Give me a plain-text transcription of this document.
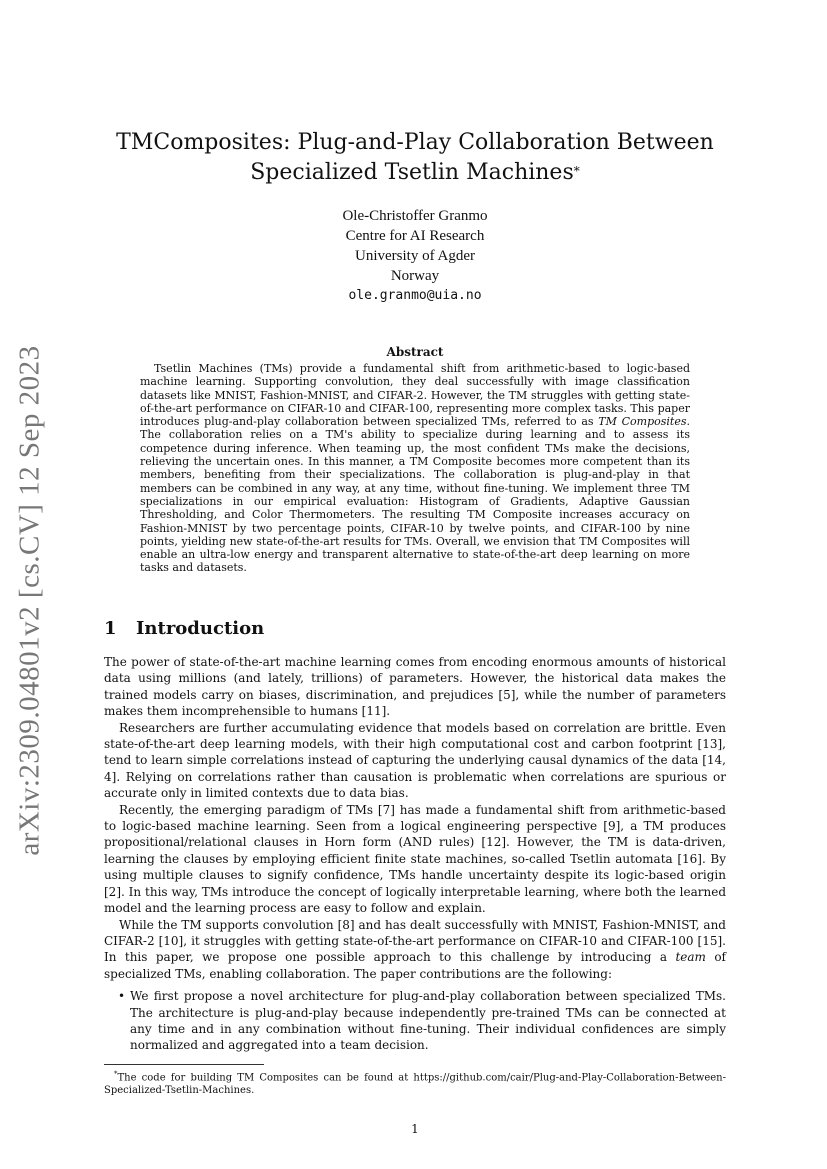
arXiv:2309.04801v2 [cs.CV] 12 Sep 2023
TMComposites: Plug-and-Play Collaboration Between
Specialized Tsetlin Machines*
Ole-Christoffer Granmo
Centre for AI Research
University of Agder
Norway
ole.granmo@uia.no
Abstract
Tsetlin Machines (TMs) provide a fundamental shift from arithmetic-based to logic-based machine learning. Supporting convolution, they deal successfully with image classification datasets like MNIST, Fashion-MNIST, and CIFAR-2. However, the TM struggles with getting state-of-the-art performance on CIFAR-10 and CIFAR-100, representing more complex tasks. This paper introduces plug-and-play collaboration between specialized TMs, referred to as TM Composites. The collaboration relies on a TM's ability to specialize during learning and to assess its competence during inference. When teaming up, the most confident TMs make the decisions, relieving the uncertain ones. In this manner, a TM Composite becomes more competent than its members, benefiting from their specializations. The collaboration is plug-and-play in that members can be combined in any way, at any time, without fine-tuning. We implement three TM specializations in our empirical evaluation: Histogram of Gradients, Adaptive Gaussian Thresholding, and Color Thermometers. The resulting TM Composite increases accuracy on Fashion-MNIST by two percentage points, CIFAR-10 by twelve points, and CIFAR-100 by nine points, yielding new state-of-the-art results for TMs. Overall, we envision that TM Composites will enable an ultra-low energy and transparent alternative to state-of-the-art deep learning on more tasks and datasets.
1 Introduction

The power of state-of-the-art machine learning comes from encoding enormous amounts of historical data using millions (and lately, trillions) of parameters. However, the historical data makes the trained models carry on biases, discrimination, and prejudices [5], while the number of parameters makes them incomprehensible to humans [11].

Researchers are further accumulating evidence that models based on correlation are brittle. Even state-of-the-art deep learning models, with their high computational cost and carbon footprint [13], tend to learn simple correlations instead of capturing the underlying causal dynamics of the data [14, 4]. Relying on correlations rather than causation is problematic when correlations are spurious or accurate only in limited contexts due to data bias.

Recently, the emerging paradigm of TMs [7] has made a fundamental shift from arithmetic-based to logic-based machine learning. Seen from a logical engineering perspective [9], a TM produces propositional/relational clauses in Horn form (AND rules) [12]. However, the TM is data-driven, learning the clauses by employing efficient finite state machines, so-called Tsetlin automata [16]. By using multiple clauses to signify confidence, TMs handle uncertainty despite its logic-based origin [2]. In this way, TMs introduce the concept of logically interpretable learning, where both the learned model and the learning process are easy to follow and explain.

While the TM supports convolution [8] and has dealt successfully with MNIST, Fashion-MNIST, and CIFAR-2 [10], it struggles with getting state-of-the-art performance on CIFAR-10 and CIFAR-100 [15]. In this paper, we propose one possible approach to this challenge by introducing a team of specialized TMs, enabling collaboration. The paper contributions are the following:

• We first propose a novel architecture for plug-and-play collaboration between specialized TMs. The architecture is plug-and-play because independently pre-trained TMs can be connected at any time and in any combination without fine-tuning. Their individual confidences are simply normalized and aggregated into a team decision.
*The code for building TM Composites can be found at https://github.com/cair/Plug-and-Play-Collaboration-Between-Specialized-Tsetlin-Machines.
1
